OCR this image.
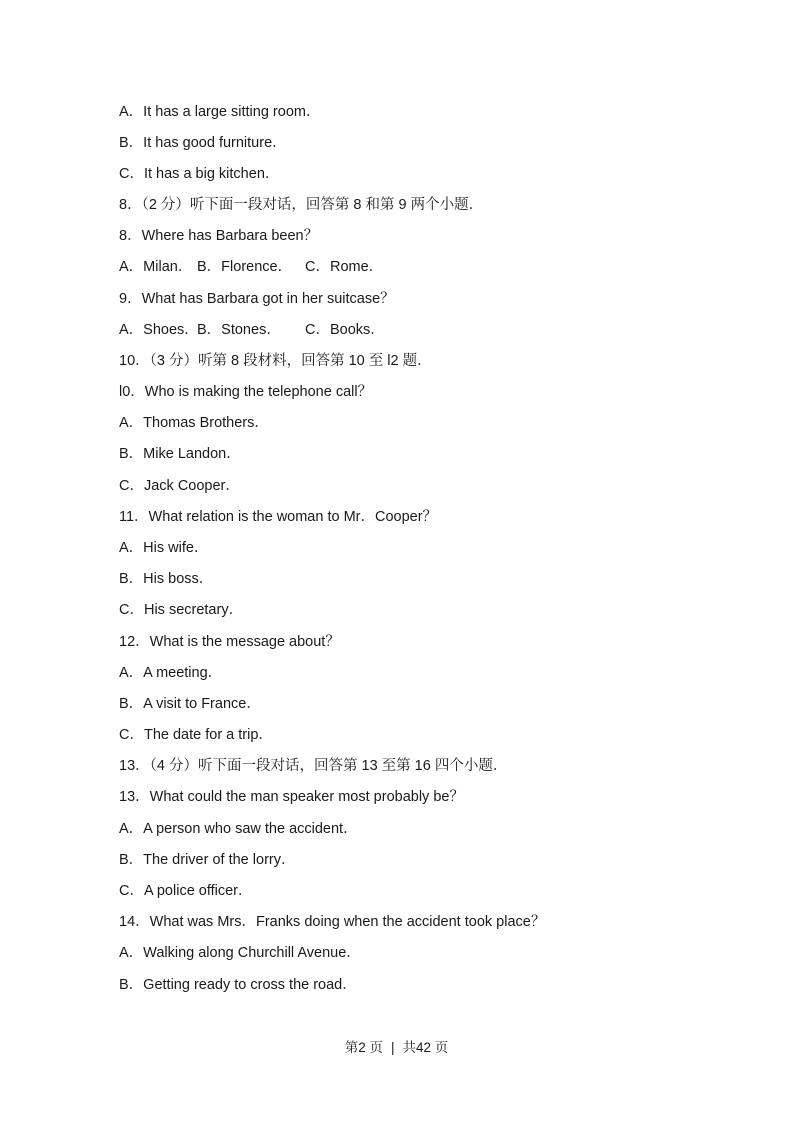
A．It has a large sitting room．
B．It has good furniture．
C．It has a big kitchen．
8．（2 分）听下面一段对话，回答第 8 和第 9 两个小题．
8．Where has Barbara been？
A．Milan． B．Florence． C．Rome．
9．What has Barbara got in her suitcase？
A．Shoes．B．Stones． C．Books．
10．（3 分）听第 8 段材料，回答第 10 至 l2 题．
l0．Who is making the telephone call？
A．Thomas Brothers．
B．Mike Landon．
C．Jack Cooper．
11．What relation is the woman to Mr．Cooper？
A．His wife．
B．His boss．
C．His secretary．
12．What is the message about？
A．A meeting．
B．A visit to France．
C．The date for a trip．
13．（4 分）听下面一段对话，回答第 13 至第 16 四个小题．
13．What could the man speaker most probably be？
A．A person who saw the accident．
B．The driver of the lorry．
C．A police officer．
14．What was Mrs．Franks doing when the accident took place？
A．Walking along Churchill Avenue．
B．Getting ready to cross the road．
第2 页 | 共42 页
